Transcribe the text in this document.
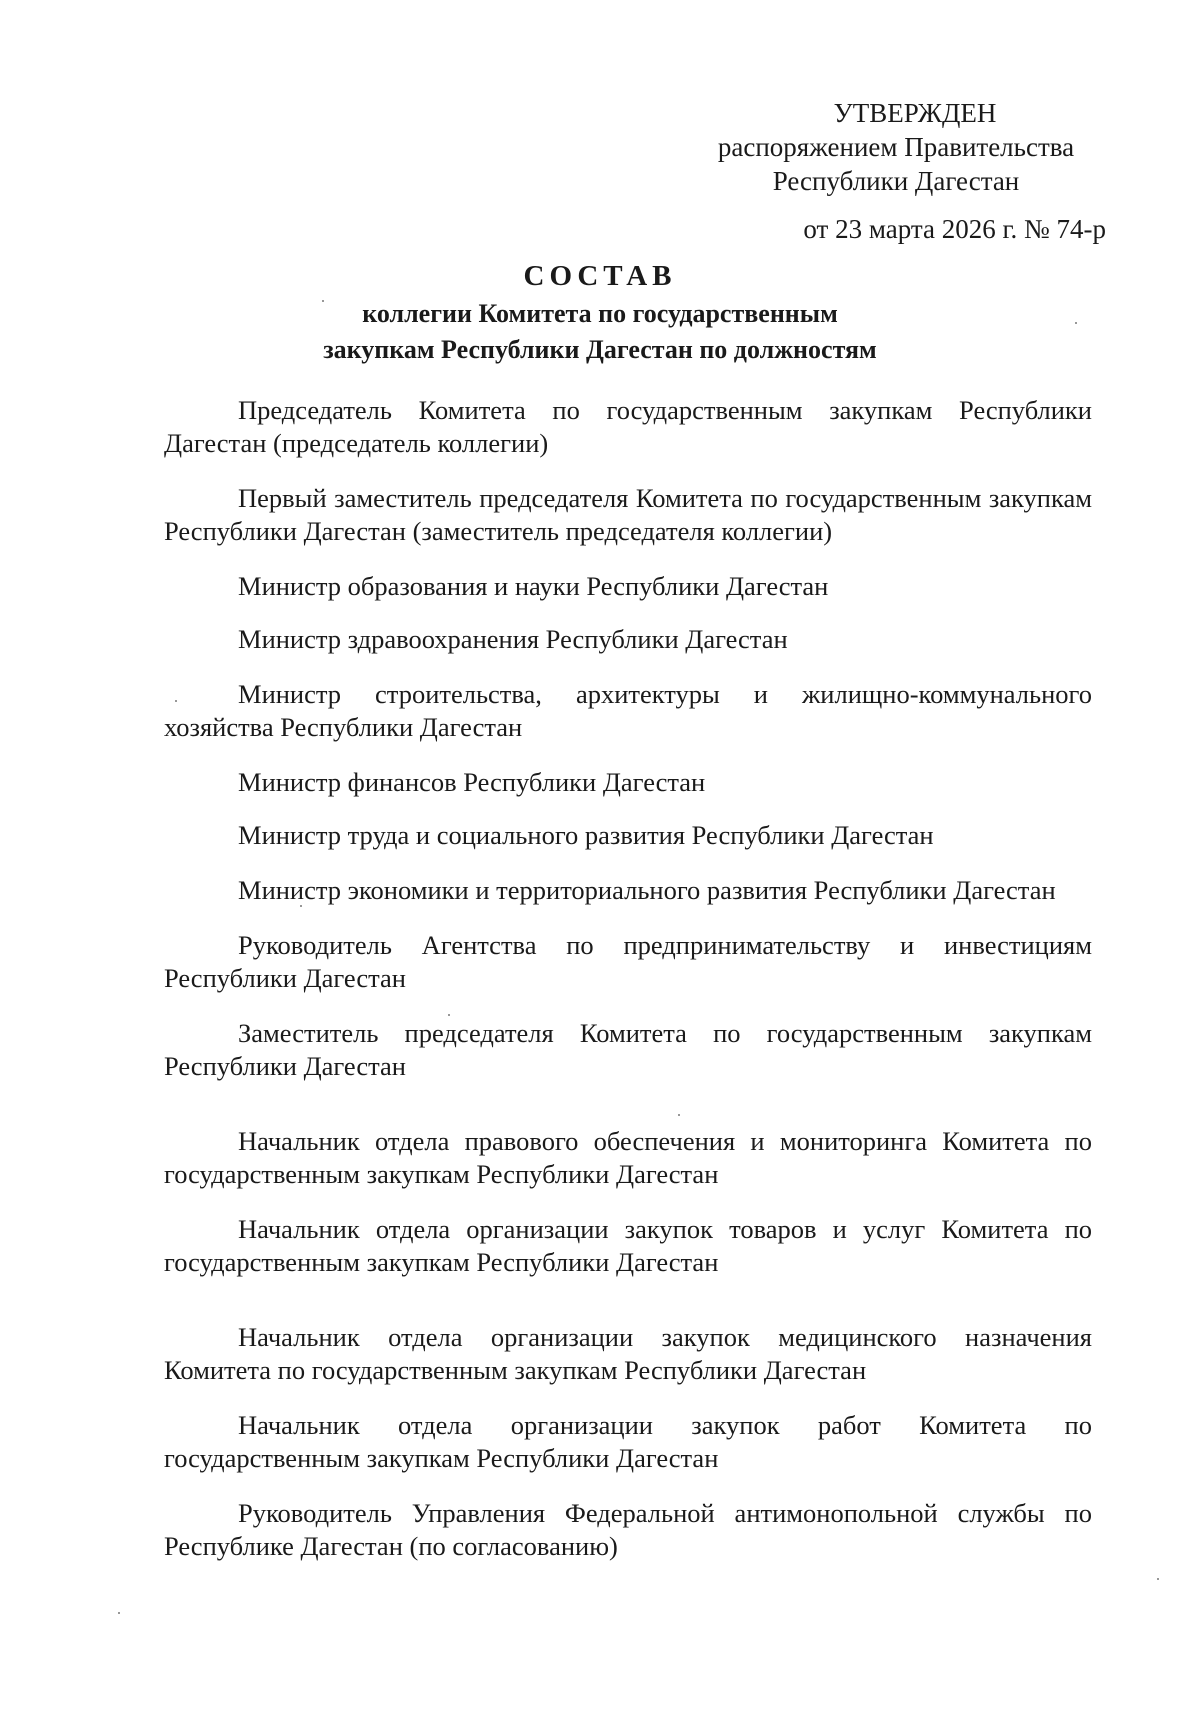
УТВЕРЖДЕН
распоряжением Правительства
Республики Дагестан
от 23 марта 2026 г. № 74-р
СОСТАВ
коллегии Комитета по государственным
закупкам Республики Дагестан по должностям

Председатель Комитета по государственным закупкам Республики Дагестан (председатель коллегии)

Первый заместитель председателя Комитета по государственным закупкам Республики Дагестан (заместитель председателя коллегии)

Министр образования и науки Республики Дагестан

Министр здравоохранения Республики Дагестан

Министр строительства, архитектуры и жилищно-коммунального хозяйства Республики Дагестан

Министр финансов Республики Дагестан

Министр труда и социального развития Республики Дагестан

Министр экономики и территориального развития Республики Дагестан

Руководитель Агентства по предпринимательству и инвестициям Республики Дагестан

Заместитель председателя Комитета по государственным закупкам Республики Дагестан

Начальник отдела правового обеспечения и мониторинга Комитета по государственным закупкам Республики Дагестан

Начальник отдела организации закупок товаров и услуг Комитета по государственным закупкам Республики Дагестан

Начальник отдела организации закупок медицинского назначения Комитета по государственным закупкам Республики Дагестан

Начальник отдела организации закупок работ Комитета по государственным закупкам Республики Дагестан

Руководитель Управления Федеральной антимонопольной службы по Республике Дагестан (по согласованию)
